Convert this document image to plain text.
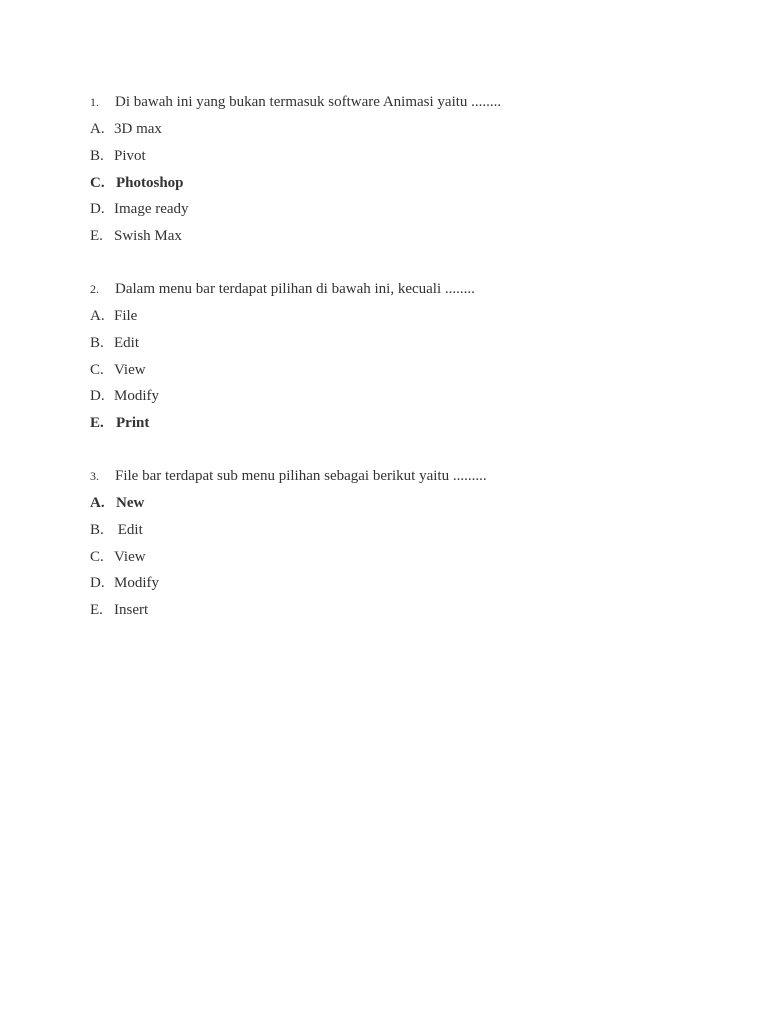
1. Di bawah ini yang bukan termasuk software Animasi yaitu ........
A. 3D max
B. Pivot
C. Photoshop
D. Image ready
E. Swish Max
2. Dalam menu bar terdapat pilihan di bawah ini, kecuali ........
A. File
B. Edit
C. View
D. Modify
E. Print
3. File bar terdapat sub menu pilihan sebagai berikut yaitu .........
A. New
B. Edit
C. View
D. Modify
E. Insert
